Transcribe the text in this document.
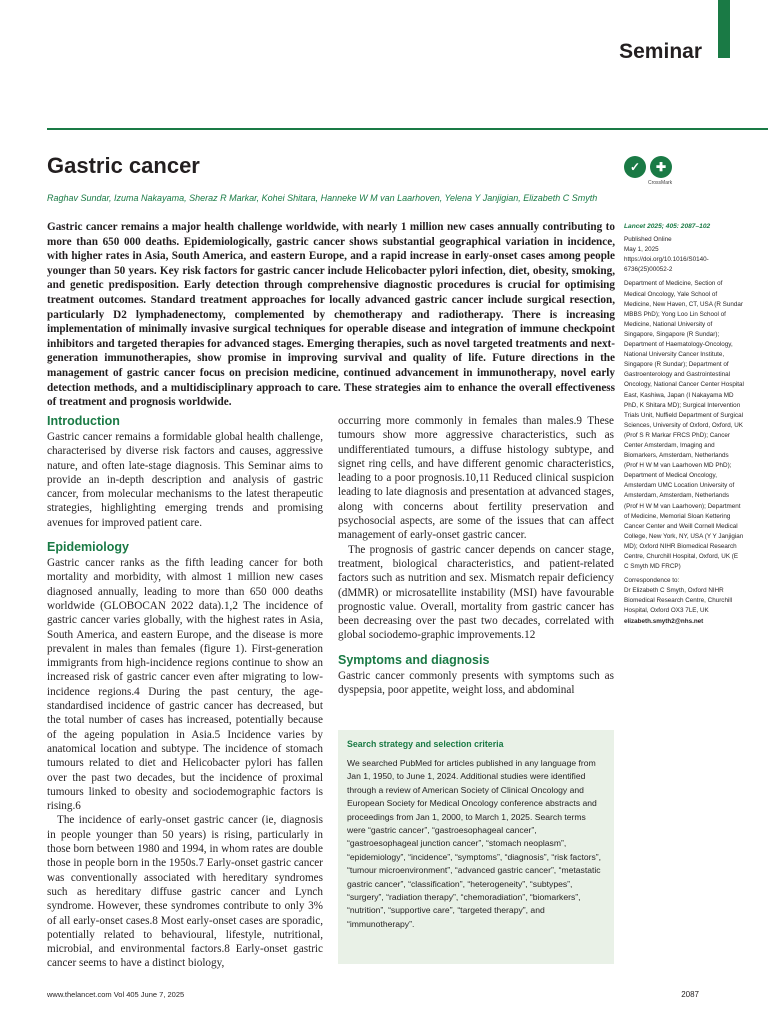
Seminar
Gastric cancer	✓	✚
CrossMark
Raghav Sundar, Izuma Nakayama, Sheraz R Markar, Kohei Shitara, Hanneke W M van Laarhoven, Yelena Y Janjigian, Elizabeth C Smyth
Gastric cancer remains a major health challenge worldwide, with nearly 1 million new cases annually contributing to more than 650 000 deaths. Epidemiologically, gastric cancer shows substantial geographical variation in incidence, with higher rates in Asia, South America, and eastern Europe, and a rapid increase in early-onset cases among people younger than 50 years. Key risk factors for gastric cancer include Helicobacter pylori infection, diet, obesity, smoking, and genetic predisposition. Early detection through comprehensive diagnostic procedures is crucial for optimising treatment outcomes. Standard treatment approaches for locally advanced gastric cancer include surgical resection, particularly D2 lymphadenectomy, complemented by chemotherapy and radiotherapy. There is increasing implementation of minimally invasive surgical techniques for operable disease and integration of immune checkpoint inhibitors and targeted therapies for advanced stages. Emerging therapies, such as novel targeted treatments and next-generation immunotherapies, show promise in improving survival and quality of life. Future directions in the management of gastric cancer focus on precision medicine, continued advancement in immunotherapy, novel early detection methods, and a multidisciplinary approach to care. These strategies aim to enhance the overall effectiveness of treatment and prognosis worldwide.
Introduction

Gastric cancer remains a formidable global health challenge, characterised by diverse risk factors and causes, aggressive nature, and often late-stage diagnosis. This Seminar aims to provide an in-depth description and analysis of gastric cancer, from molecular mechanisms to the latest therapeutic strategies, highlighting emerging trends and promising avenues for improved patient care.

Epidemiology

Gastric cancer ranks as the fifth leading cancer for both mortality and morbidity, with almost 1 million new cases diagnosed annually, leading to more than 650 000 deaths worldwide (GLOBOCAN 2022 data).1,2 The incidence of gastric cancer varies globally, with the highest rates in Asia, South America, and eastern Europe, and the disease is more prevalent in males than females (figure 1). First-generation immigrants from high-incidence regions continue to show an increased risk of gastric cancer even after migrating to low-incidence regions.4 During the past century, the age-standardised incidence of gastric cancer has decreased, but the total number of cases has increased, potentially because of the ageing population in Asia.5 Incidence varies by anatomical location and subtype. The incidence of stomach tumours related to diet and Helicobacter pylori has fallen over the past two decades, but the incidence of proximal tumours linked to obesity and sociodemographic factors is rising.6

The incidence of early-onset gastric cancer (ie, diagnosis in people younger than 50 years) is rising, particularly in those born between 1980 and 1994, in whom rates are double those in people born in the 1950s.7 Early-onset gastric cancer was conventionally associated with hereditary syndromes such as hereditary diffuse gastric cancer and Lynch syndrome. However, these syndromes contribute to only 3% of all early-onset cases.8 Most early-onset cases are sporadic, potentially related to behavioural, lifestyle, nutritional, microbial, and environmental factors.8 Early-onset gastric cancer seems to have a distinct biology,

occurring more commonly in females than males.9 These tumours show more aggressive characteristics, such as undifferentiated tumours, a diffuse histology subtype, and signet ring cells, and have different genomic characteristics, leading to a poor prognosis.10,11 Reduced clinical suspicion leading to late diagnosis and presentation at advanced stages, along with concerns about fertility preservation and psychosocial aspects, are some of the issues that can affect management of early-onset gastric cancer.

The prognosis of gastric cancer depends on cancer stage, treatment, biological characteristics, and patient-related factors such as nutrition and sex. Mismatch repair deficiency (dMMR) or microsatellite instability (MSI) have favourable prognostic value. Overall, mortality from gastric cancer has been decreasing over the past two decades, correlated with global sociodemo-graphic improvements.12

Symptoms and diagnosis

Gastric cancer commonly presents with symptoms such as dyspepsia, poor appetite, weight loss, and abdominal

Search strategy and selection criteria
We searched PubMed for articles published in any language from Jan 1, 1950, to June 1, 2024. Additional studies were identified through a review of American Society of Clinical Oncology and European Society for Medical Oncology conference abstracts and proceedings from Jan 1, 2000, to March 1, 2025. Search terms were “gastric cancer”, “gastroesophageal cancer”, “gastroesophageal junction cancer”, “stomach neoplasm”, “epidemiology”, “incidence”, “symptoms”, “diagnosis”, “risk factors”, “tumour microenvironment”, “advanced gastric cancer”, “metastatic gastric cancer”, “classification”, “heterogeneity”, “subtypes”, “surgery”, “radiation therapy”, “chemoradiation”, “biomarkers”, “nutrition”, “supportive care”, “targeted therapy”, and “immunotherapy”.
Lancet 2025; 405: 2087–102
Published Online
May 1, 2025
https://doi.org/10.1016/S0140-6736(25)00052-2
Department of Medicine, Section of Medical Oncology, Yale School of Medicine, New Haven, CT, USA (R Sundar MBBS PhD); Yong Loo Lin School of Medicine, National University of Singapore, Singapore (R Sundar); Department of Haematology-Oncology, National University Cancer Institute, Singapore (R Sundar); Department of Gastroenterology and Gastrointestinal Oncology, National Cancer Center Hospital East, Kashiwa, Japan (I Nakayama MD PhD, K Shitara MD); Surgical Intervention Trials Unit, Nuffield Department of Surgical Sciences, University of Oxford, Oxford, UK (Prof S R Markar FRCS PhD); Cancer Center Amsterdam, Imaging and Biomarkers, Amsterdam, Netherlands (Prof H W M van Laarhoven MD PhD); Department of Medical Oncology, Amsterdam UMC Location University of Amsterdam, Amsterdam, Netherlands (Prof H W M van Laarhoven); Department of Medicine, Memorial Sloan Kettering Cancer Center and Weill Cornell Medical College, New York, NY, USA (Y Y Janjigian MD); Oxford NIHR Biomedical Research Centre, Churchill Hospital, Oxford, UK (E C Smyth MD FRCP)
Correspondence to:
Dr Elizabeth C Smyth, Oxford NIHR Biomedical Research Centre, Churchill Hospital, Oxford OX3 7LE, UK
elizabeth.smyth2@nhs.net
www.thelancet.com Vol 405 June 7, 2025	2087
